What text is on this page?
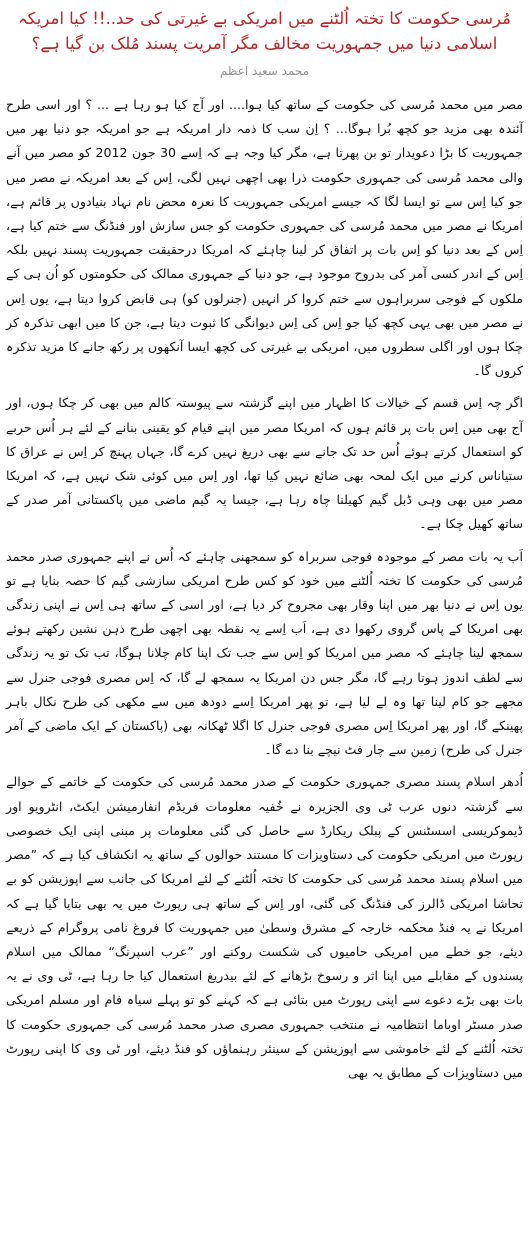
مُرسی حکومت کا تختہ اُلٹنے میں امریکی بے غیرتی کی حد..!! کیا امریکہ اسلامی دنیا میں جمہوریت مخالف مگر آمریت پسند مُلک بن گیا ہے؟
محمد سعید اعظم

مصر میں محمد مُرسی کی حکومت کے ساتھ کیا ہوا.... اور آج کیا ہو رہا ہے ... ؟ اور اسی طرح آئندہ بھی مزید جو کچھ بُرا ہوگا... ؟ اِن سب کا ذمہ دار امریکہ ہے جو امریکہ جو دنیا بھر میں جمہوریت کا بڑا دعویدار تو بن پھرتا ہے، مگر کیا وجہ ہے کہ اِسے 30 جون 2012 کو مصر میں آنے والی محمد مُرسی کی جمہوری حکومت ذرا بھی اچھی نہیں لگی، اِس کے بعد امریکہ نے مصر میں جو کیا اِس سے تو ایسا لگا کہ جیسے امریکی جمہوریت کا نعرہ محض نام نہاد بنیادوں پر قائم ہے، امریکا نے مصر میں محمد مُرسی کی جمہوری حکومت کو جس سازش اور فنڈنگ سے ختم کیا ہے، اِس کے بعد دنیا کو اِس بات پر اتفاق کر لینا چاہئے کہ امریکا درحقیقت جمہوریت پسند نہیں بلکہ اِس کے اندر کسی آمر کی بدروح موجود ہے، جو دنیا کے جمہوری ممالک کی حکومتوں کو اُن ہی کے ملکوں کے فوجی سربراہوں سے ختم کروا کر انہیں (جنرلوں کو) ہی قابض کروا دیتا ہے، یوں اِس نے مصر میں بھی یہی کچھ کیا جو اِس کی اِس دیوانگی کا ثبوت دیتا ہے، جن کا میں ابھی تذکرہ کر چکا ہوں اور اگلی سطروں میں، امریکی بے غیرتی کی کچھ ایسا آنکھوں پر رکھ جانے کا مزید تذکرہ کروں گا۔

اگر چہ اِس قسم کے خیالات کا اظہار میں اپنے گزشتہ سے پیوستہ کالم میں بھی کر چکا ہوں، اور آج بھی میں اِس بات پر قائم ہوں کہ امریکا مصر میں اپنے قیام کو یقینی بنانے کے لئے ہر اُس حربے کو استعمال کرتے ہوئے اُس حد تک جانے سے بھی دریغ نہیں کرے گا، جہاں پہنچ کر اِس نے عراق کا ستیاناس کرنے میں ایک لمحہ بھی ضائع نہیں کیا تھا، اور اِس میں کوئی شک نہیں ہے، کہ امریکا مصر میں بھی وہی ڈبل گیم کھیلنا چاہ رہا ہے، جیسا یہ گیم ماضی میں پاکستانی آمر صدر کے ساتھ کھیل چکا ہے۔

اَب یہ بات مصر کے موجودہ فوجی سربراہ کو سمجھنی چاہئے کہ اُس نے اپنے جمہوری صدر محمد مُرسی کی حکومت کا تختہ اُلٹنے میں خود کو کس طرح امریکی سازشی گیم کا حصہ بنایا ہے تو یوں اِس نے دنیا بھر میں اپنا وقار بھی مجروح کر دیا ہے، اور اسی کے ساتھ ہی اِس نے اپنی زندگی بھی امریکا کے پاس گروی رکھوا دی ہے، اَب اِسے یہ نقطہ بھی اچھی طرح ذہن نشین رکھتے ہوئے سمجھ لینا چاہئے کہ مصر میں امریکا کو اِس سے جب تک اپنا کام چلانا ہوگا، تب تک تو یہ زندگی سے لطف اندوز ہوتا رہے گا، مگر جس دن امریکا یہ سمجھ لے گا، کہ اِس مصری فوجی جنرل سے مجھے جو کام لینا تھا وہ لے لیا ہے، تو پھر امریکا اِسے دودھ میں سے مکھی کی طرح نکال باہر پھینکے گا، اور پھر امریکا اِس مصری فوجی جنرل کا اگلا ٹھکانہ بھی (پاکستان کے ایک ماضی کے آمر جنرل کی طرح) زمین سے چار فٹ نیچے بنا دے گا۔

اُدھر اسلام پسند مصری جمہوری حکومت کے صدر محمد مُرسی کی حکومت کے خاتمے کے حوالے سے گزشتہ دنوں عرب ٹی وی الجزیرہ نے خُفیہ معلومات فریڈم انفارمیشن ایکٹ، انٹرویو اور ڈیموکریسی اسسٹنس کے پبلک ریکارڈ سے حاصل کی گئی معلومات پر مبنی اپنی ایک خصوصی رپورٹ میں امریکی حکومت کی دستاویزات کا مستند حوالوں کے ساتھ یہ انکشاف کیا ہے کہ ”مصر میں اسلام پسند محمد مُرسی کی حکومت کا تختہ اُلٹنے کے لئے امریکا کی جانب سے اپوزیشن کو بے تحاشا امریکی ڈالرز کی فنڈنگ کی گئی، اور اِس کے ساتھ ہی رپورٹ میں یہ بھی بتایا گیا ہے کہ امریکا نے یہ فنڈ محکمہ خارجہ کے مشرق وسطیٰ میں جمہوریت کا فروغ نامی پروگرام کے ذریعے دیئے، جو خطے میں امریکی حامیوں کی شکست روکنے اور ”عرب اسپرنگ“ ممالک میں اسلام پسندوں کے مقابلے میں اپنا اثر و رسوخ بڑھانے کے لئے بیدریغ استعمال کیا جا رہا ہے، ٹی وی نے یہ بات بھی بڑے دعوے سے اپنی رپورٹ میں بتائی ہے کہ کہنے کو تو پہلے سیاہ فام اور مسلم امریکی صدر مسٹر اوباما انتظامیہ نے منتخب جمہوری مصری صدر محمد مُرسی کی جمہوری حکومت کا تختہ اُلٹنے کے لئے خاموشی سے اپوزیشن کے سینئر رہنماؤں کو فنڈ دیئے، اور ٹی وی کا اپنی رپورٹ میں دستاویزات کے مطابق یہ بھی
